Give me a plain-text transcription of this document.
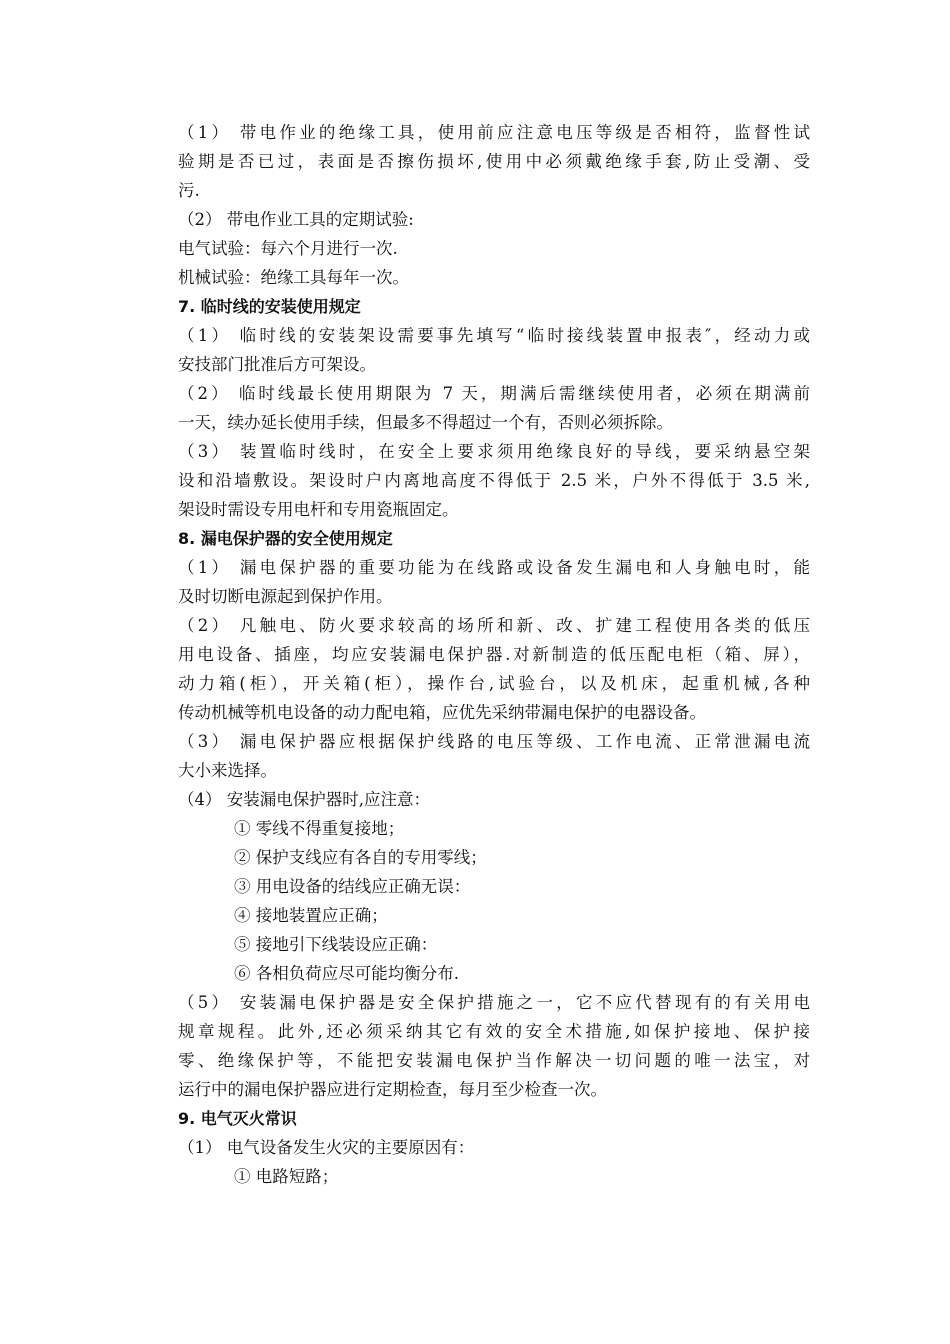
（1） 带电作业的绝缘工具，使用前应注意电压等级是否相符，监督性试
验期是否已过，表面是否擦伤损坏,使用中必须戴绝缘手套,防止受潮、受
污.
（2） 带电作业工具的定期试验:
电气试验：每六个月进行一次.
机械试验：绝缘工具每年一次。
7. 临时线的安装使用规定
（1） 临时线的安装架设需要事先填写“临时接线装置申报表″，经动力或
安技部门批准后方可架设。
（2） 临时线最长使用期限为 7 天，期满后需继续使用者，必须在期满前
一天，续办延长使用手续，但最多不得超过一个有，否则必须拆除。
（3） 装置临时线时，在安全上要求须用绝缘良好的导线，要采纳悬空架
设和沿墙敷设。架设时户内离地高度不得低于 2.5 米，户外不得低于 3.5 米,
架设时需设专用电杆和专用瓷瓶固定。
8. 漏电保护器的安全使用规定
（1） 漏电保护器的重要功能为在线路或设备发生漏电和人身触电时，能
及时切断电源起到保护作用。
（2） 凡触电、防火要求较高的场所和新、改、扩建工程使用各类的低压
用电设备、插座，均应安装漏电保护器.对新制造的低压配电柜（箱、屏），
动力箱(柜），开关箱(柜），操作台,试验台，以及机床，起重机械,各种
传动机械等机电设备的动力配电箱，应优先采纳带漏电保护的电器设备。
（3） 漏电保护器应根据保护线路的电压等级、工作电流、正常泄漏电流
大小来选择。
（4） 安装漏电保护器时,应注意：
① 零线不得重复接地；
② 保护支线应有各自的专用零线；
③ 用电设备的结线应正确无误：
④ 接地装置应正确；
⑤ 接地引下线装设应正确：
⑥ 各相负荷应尽可能均衡分布.
（5） 安装漏电保护器是安全保护措施之一，它不应代替现有的有关用电
规章规程。此外,还必须采纳其它有效的安全术措施,如保护接地、保护接
零、绝缘保护等，不能把安装漏电保护当作解决一切问题的唯一法宝，对
运行中的漏电保护器应进行定期检查，每月至少检查一次。
9. 电气灭火常识
（1） 电气设备发生火灾的主要原因有：
① 电路短路；
